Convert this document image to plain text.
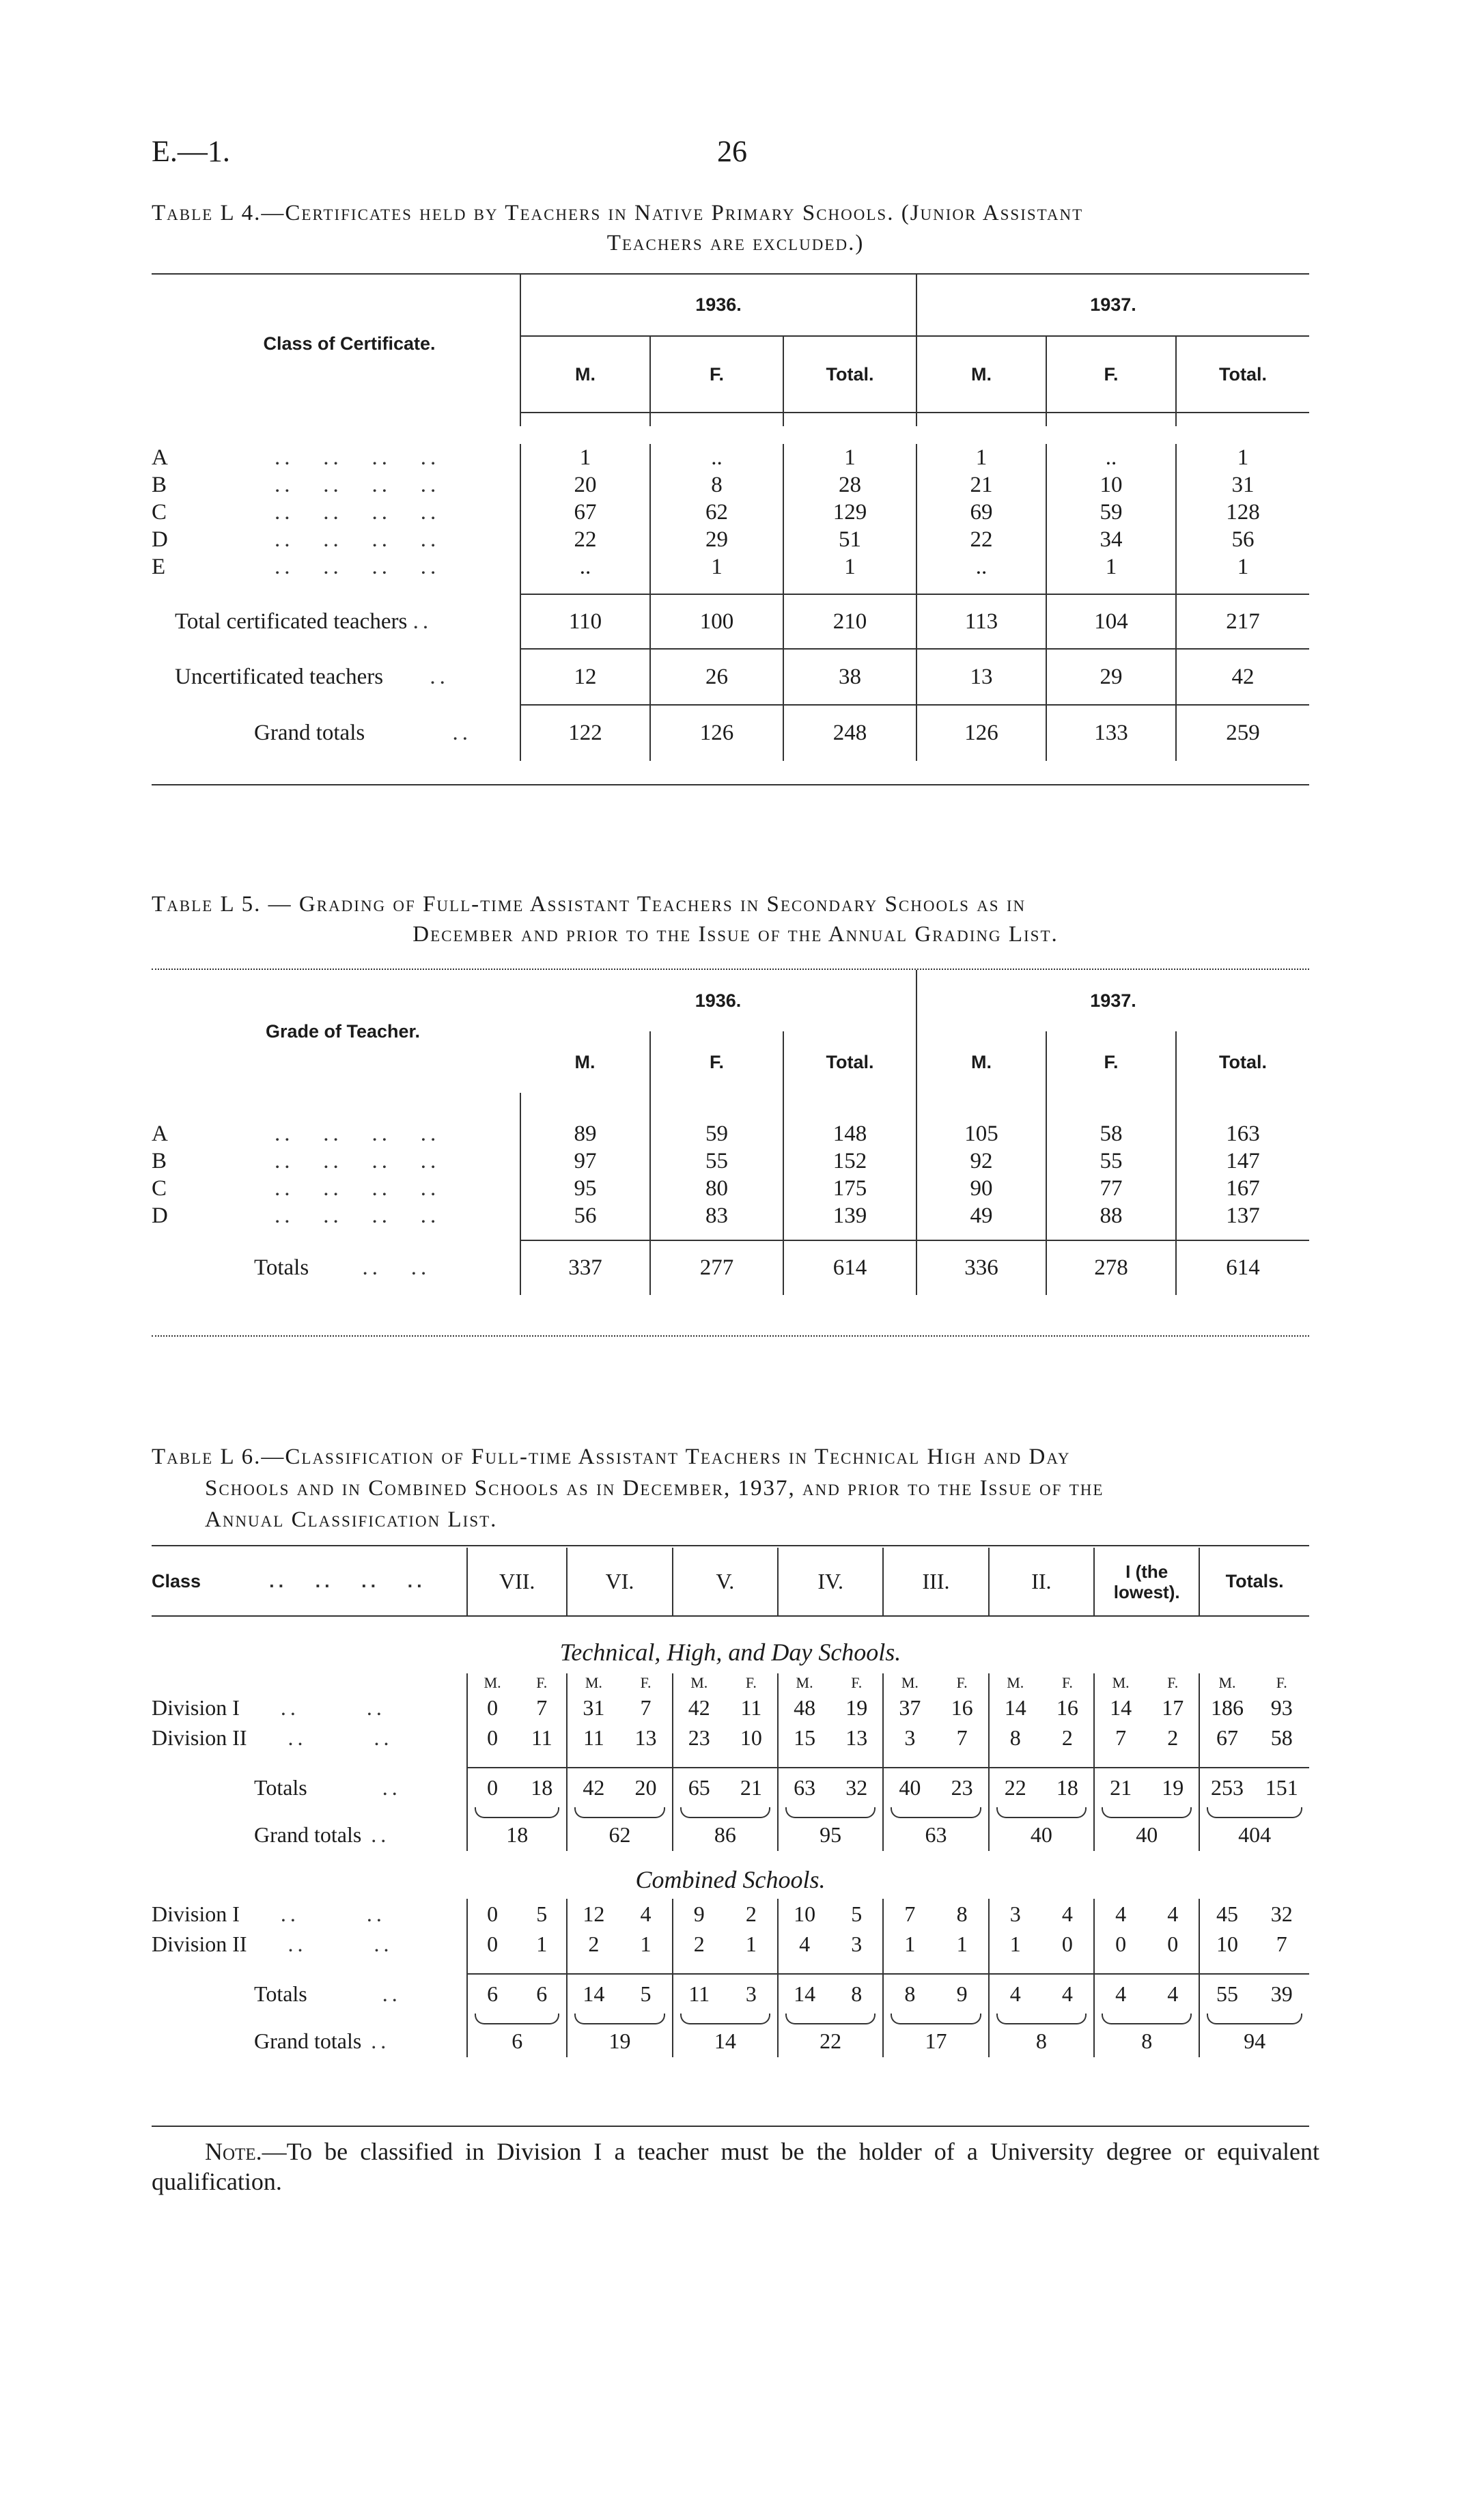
E.—1.	26
Table L 4.—Certificates held by Teachers in Native Primary Schools. (Junior Assistant
Teachers are excluded.)
Class of Certificate.	1936.			1937.		
	M.	F.	Total.	M.	F.	Total.

A ..   ..   ..   ..	1	..	1	1	..	1
B ..   ..   ..   ..	20	8	28	21	10	31
C ..   ..   ..   ..	67	62	129	69	59	128
D ..   ..   ..   ..	22	29	51	22	34	56
E ..   ..   ..   ..	..	1	1	..	1	1

Total certificated teachers ..	110	100	210	113	104	217
Uncertificated teachers ..	12	26	38	13	29	42
Grand totals ..	122	126	248	126	133	259
Table L 5. — Grading of Full-time Assistant Teachers in Secondary Schools as in
December and prior to the Issue of the Annual Grading List.
Grade of Teacher.	1936.			1937.		
	M.	F.	Total.	M.	F.	Total.

A ..   ..   ..   ..	89	59	148	105	58	163
B ..   ..   ..   ..	97	55	152	92	55	147
C ..   ..   ..   ..	95	80	175	90	77	167
D ..   ..   ..   ..	56	83	139	49	88	137

Totals ..   ..	337	277	614	336	278	614
Table L 6.—Classification of Full-time Assistant Teachers in Technical High and Day
Schools and in Combined Schools as in December, 1937, and prior to the Issue of the
Annual Classification List.
Class ..   ..   ..   ..	VII.		VI.		V.		IV.		III.		II.		I (the lowest).		Totals.	
Technical, High, and Day Schools.																
	M.	F.	M.	F.	M.	F.	M.	F.	M.	F.	M.	F.	M.	F.	M.	F.
Division I ..       ..	0	7	31	7	42	11	48	19	37	16	14	16	14	17	186	93
Division II ..       ..	0	11	11	13	23	10	15	13	3	7	8	2	7	2	67	58

Totals ..	0	18	42	20	65	21	63	32	40	23	22	18	21	19	253	151

Grand totals ..	18		62		86		95		63		40		40		404	
Combined Schools.																
Division I ..       ..	0	5	12	4	9	2	10	5	7	8	3	4	4	4	45	32
Division II ..       ..	0	1	2	1	2	1	4	3	1	1	1	0	0	0	10	7

Totals ..	6	6	14	5	11	3	14	8	8	9	4	4	4	4	55	39

Grand totals ..	6		19		14		22		17		8		8		94	
Note.—To be classified in Division I a teacher must be the holder of a University degree or equivalent qualification.
